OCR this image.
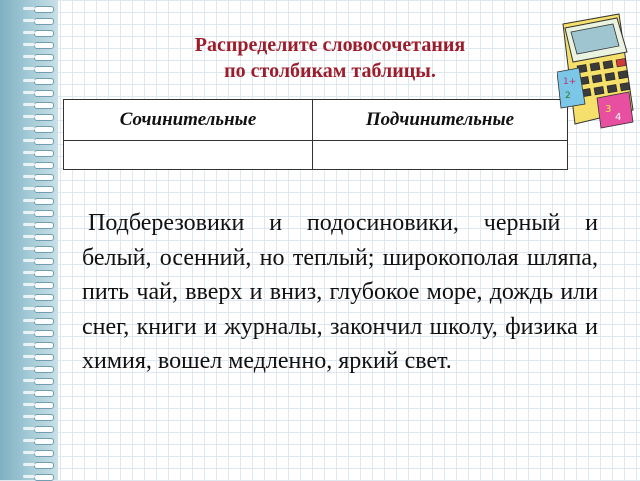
Распределите словосочетания
по столбикам таблицы.
Сочинительные	Подчинительные

Подберезовики и подосиновики, черный и белый, осенний, но теплый; широкополая шляпа, пить чай, вверх и вниз, глубокое море, дождь или снег, книги и журналы, закончил школу, физика и химия, вошел медленно, яркий свет.

1+
2
3
4
